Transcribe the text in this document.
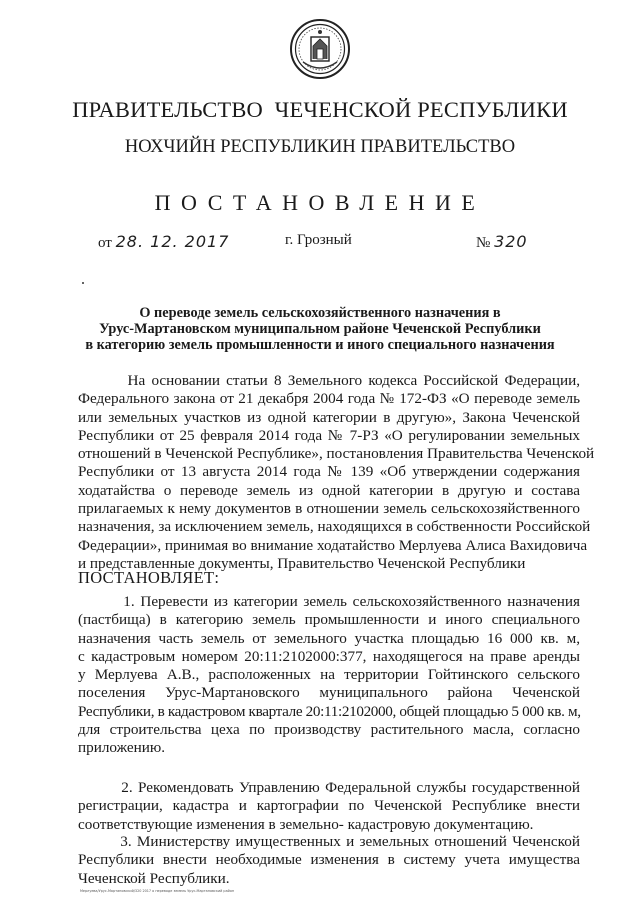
ПРАВИТЕЛЬСТВО  ЧЕЧЕНСКОЙ РЕСПУБЛИКИ
НОХЧИЙН РЕСПУБЛИКИН ПРАВИТЕЛЬСТВО
ПОСТАНОВЛЕНИЕ
от 28. 12. 2017	г. Грозный	№ 320
О переводе земель сельскохозяйственного назначения в
Урус-Мартановском муниципальном районе Чеченской Республики
в категорию земель промышленности и иного специального назначения
На основании статьи 8 Земельного кодекса Российской Федерации,
Федерального закона от 21 декабря 2004 года № 172-ФЗ «О переводе земель
или земельных участков из одной категории в другую», Закона Чеченской
Республики от 25 февраля 2014 года № 7-РЗ «О регулировании земельных
отношений в Чеченской Республике», постановления Правительства Чеченской
Республики от 13 августа 2014 года № 139 «Об утверждении содержания
ходатайства о переводе земель из одной категории в другую и состава
прилагаемых к нему документов в отношении земель сельскохозяйственного
назначения, за исключением земель, находящихся в собственности Российской
Федерации», принимая во внимание ходатайство Мерлуева Алиса Вахидовича
и представленные документы, Правительство Чеченской Республики
ПОСТАНОВЛЯЕТ:
1. Перевести из категории земель сельскохозяйственного назначения
(пастбища) в категорию земель промышленности и иного специального
назначения часть земель от земельного участка площадью 16 000 кв. м,
с кадастровым номером 20:11:2102000:377, находящегося на праве аренды
у Мерлуева А.В., расположенных на территории Гойтинского сельского
поселения Урус-Мартановского муниципального района Чеченской
Республики, в кадастровом квартале 20:11:2102000, общей площадью 5 000 кв. м,
для строительства цеха по производству растительного масла, согласно
приложению.
2. Рекомендовать Управлению Федеральной службы государственной
регистрации, кадастра и картографии по Чеченской Республике внести
соответствующие изменения в земельно- кадастровую документацию.
3. Министерству имущественных и земельных отношений Чеченской
Республики внести необходимые изменения в систему учета имущества
Чеченской Республики.
Мерлуева/Урус-Мартановский/320 2017 о переводе земель Урус-Мартановский район
